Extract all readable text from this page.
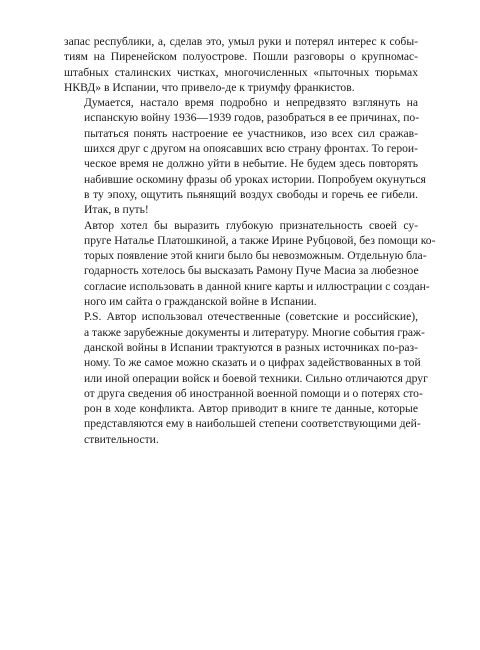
запас республики, а, сделав это, умыл руки и потерял интерес к собы-
тиям на Пиренейском полуострове. Пошли разговоры о крупномас-
штабных сталинских чистках, многочисленных «пыточных тюрьмах
НКВД» в Испании, что привело-де к триумфу франкистов.

Думается, настало время подробно и непредвзято взглянуть на
испанскую войну 1936—1939 годов, разобраться в ее причинах, по-
пытаться понять настроение ее участников, изо всех сил сражав-
шихся друг с другом на опоясавших всю страну фронтах. То герои-
ческое время не должно уйти в небытие. Не будем здесь повторять
набившие оскомину фразы об уроках истории. Попробуем окунуться
в ту эпоху, ощутить пьянящий воздух свободы и горечь ее гибели.
Итак, в путь!

Автор хотел бы выразить глубокую признательность своей су-
пруге Наталье Платошкиной, а также Ирине Рубцовой, без помощи ко-
торых появление этой книги было бы невозможным. Отдельную бла-
годарность хотелось бы высказать Рамону Пуче Масиа за любезное
согласие использовать в данной книге карты и иллюстрации с создан-
ного им сайта о гражданской войне в Испании.

P.S. Автор использовал отечественные (советские и российские),
а также зарубежные документы и литературу. Многие события граж-
данской войны в Испании трактуются в разных источниках по-раз-
ному. То же самое можно сказать и о цифрах задействованных в той
или иной операции войск и боевой техники. Сильно отличаются друг
от друга сведения об иностранной военной помощи и о потерях сто-
рон в ходе конфликта. Автор приводит в книге те данные, которые
представляются ему в наибольшей степени соответствующими дей-
ствительности.
